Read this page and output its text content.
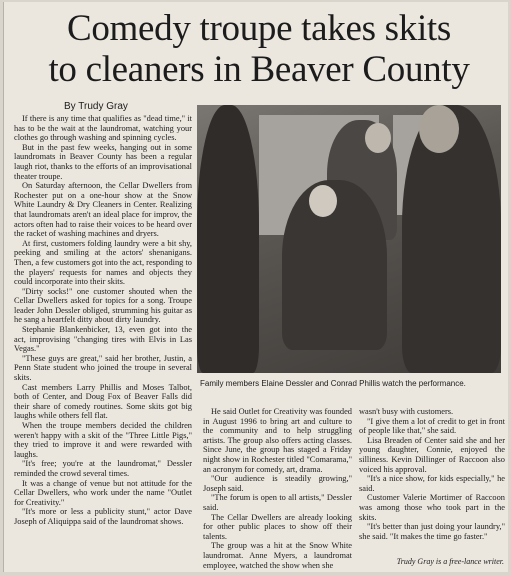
Comedy troupe takes skits
to cleaners in Beaver County
By Trudy Gray

If there is any time that qualifies as "dead time," it has to be the wait at the laundromat, watching your clothes go through washing and spinning cycles.

But in the past few weeks, hanging out in some laundromats in Beaver County has been a regular laugh riot, thanks to the efforts of an improvisational theater troupe.

On Saturday afternoon, the Cellar Dwellers from Rochester put on a one-hour show at the Snow White Laundry & Dry Cleaners in Center. Realizing that laundromats aren't an ideal place for improv, the actors often had to raise their voices to be heard over the racket of washing machines and dryers.

At first, customers folding laundry were a bit shy, peeking and smiling at the actors' shenanigans. Then, a few customers got into the act, responding to the players' requests for names and objects they could incorporate into their skits.

"Dirty socks!" one customer shouted when the Cellar Dwellers asked for topics for a song. Troupe leader John Dessler obliged, strumming his guitar as he sang a heartfelt ditty about dirty laundry.

Stephanie Blankenbicker, 13, even got into the act, improvising "changing tires with Elvis in Las Vegas."

"These guys are great," said her brother, Justin, a Penn State student who joined the troupe in several skits.

Cast members Larry Phillis and Moses Talbot, both of Center, and Doug Fox of Beaver Falls did their share of comedy routines. Some skits got big laughs while others fell flat.

When the troupe members decided the children weren't happy with a skit of the "Three Little Pigs," they tried to improve it and were rewarded with laughs.

"It's free; you're at the laundromat," Dessler reminded the crowd several times.

It was a change of venue but not attitude for the Cellar Dwellers, who work under the name "Outlet for Creativity."

"It's more or less a publicity stunt," actor Dave Joseph of Aliquippa said of the laundromat shows.

Family members Elaine Dessler and Conrad Phillis watch the performance.

He said Outlet for Creativity was founded in August 1996 to bring art and culture to the community and to help struggling artists. The group also offers acting classes. Since June, the group has staged a Friday night show in Rochester titled "Comarama," an acronym for comedy, art, drama.

"Our audience is steadily growing," Joseph said.

"The forum is open to all artists," Dessler said.

The Cellar Dwellers are already looking for other public places to show off their talents.

The group was a hit at the Snow White laundromat. Anne Myers, a laundromat employee, watched the show when she

wasn't busy with customers.

"I give them a lot of credit to get in front of people like that," she said.

Lisa Breaden of Center said she and her young daughter, Connie, enjoyed the silliness. Kevin Dillinger of Raccoon also voiced his approval.

"It's a nice show, for kids especially," he said.

Customer Valerie Mortimer of Raccoon was among those who took part in the skits.

"It's better than just doing your laundry," she said. "It makes the time go faster."

Trudy Gray is a free-lance writer.
